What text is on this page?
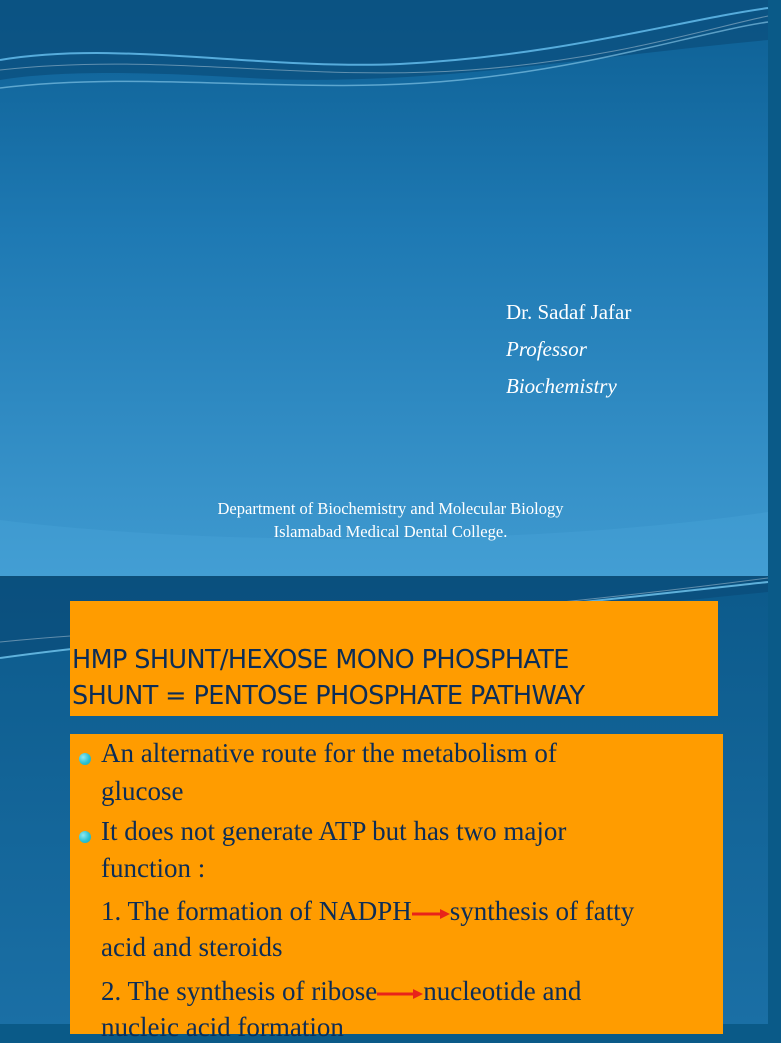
Dr. Sadaf Jafar
Professor
Biochemistry
Department of Biochemistry and Molecular Biology
Islamabad Medical Dental College.
HMP SHUNT/HEXOSE MONO PHOSPHATE
SHUNT = PENTOSE PHOSPHATE PATHWAY
An alternative route for the metabolism of
glucose
It does not generate ATP but has two major
function :
1. The formation of NADPH synthesis of fatty
acid and steroids
2. The synthesis of ribose nucleotide and
nucleic acid formation
